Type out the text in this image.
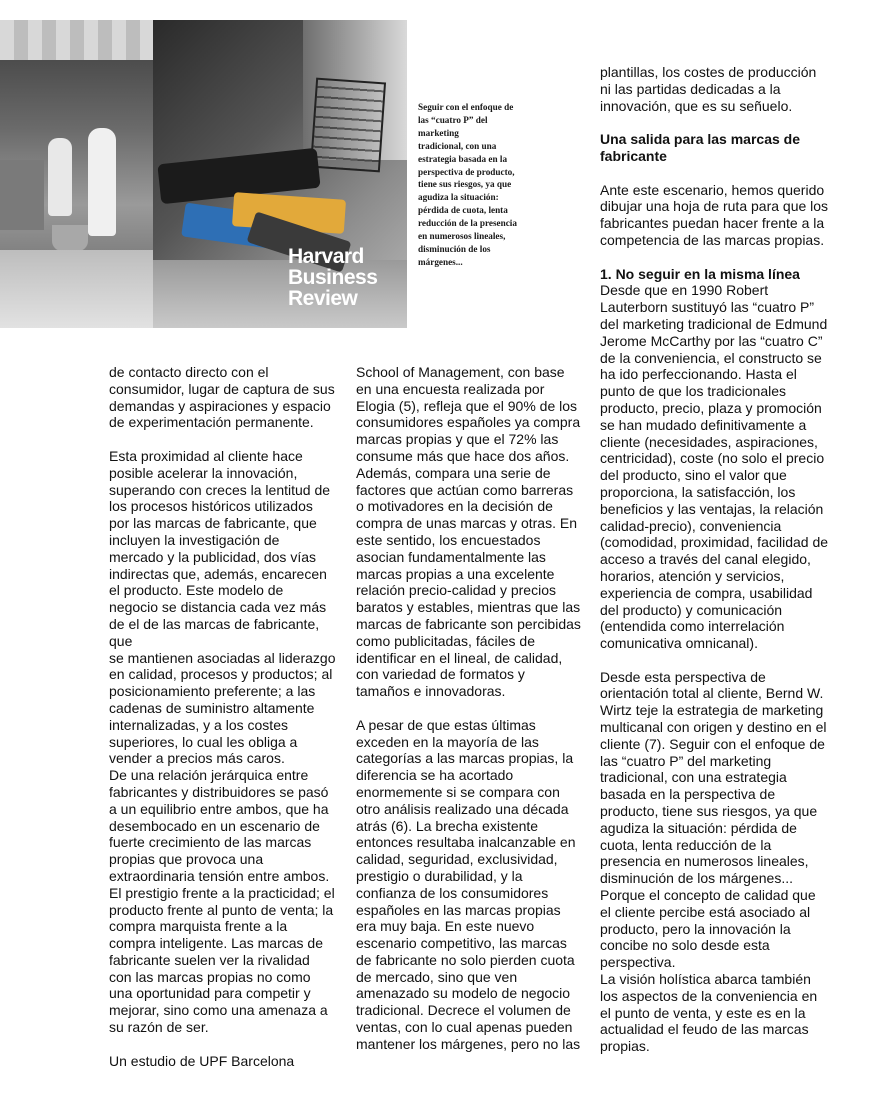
Harvard
Business
Review

Seguir con el enfoque de
las “cuatro P” del marketing
tradicional, con una
estrategia basada en la
perspectiva de producto,
tiene sus riesgos, ya que
agudiza la situación:
pérdida de cuota, lenta
reducción de la presencia
en numerosos lineales,
disminución de los
márgenes...

de contacto directo con el
consumidor, lugar de captura de sus
demandas y aspiraciones y espacio
de experimentación permanente.

Esta proximidad al cliente hace
posible acelerar la innovación,
superando con creces la lentitud de
los procesos históricos utilizados
por las marcas de fabricante, que
incluyen la investigación de
mercado y la publicidad, dos vías
indirectas que, además, encarecen
el producto. Este modelo de
negocio se distancia cada vez más
de el de las marcas de fabricante, que
se mantienen asociadas al liderazgo
en calidad, procesos y productos; al
posicionamiento preferente; a las
cadenas de suministro altamente
internalizadas, y a los costes
superiores, lo cual les obliga a
vender a precios más caros.
De una relación jerárquica entre
fabricantes y distribuidores se pasó
a un equilibrio entre ambos, que ha
desembocado en un escenario de
fuerte crecimiento de las marcas
propias que provoca una
extraordinaria tensión entre ambos.
El prestigio frente a la practicidad; el
producto frente al punto de venta; la
compra marquista frente a la
compra inteligente. Las marcas de
fabricante suelen ver la rivalidad
con las marcas propias no como
una oportunidad para competir y
mejorar, sino como una amenaza a
su razón de ser.

Un estudio de UPF Barcelona

School of Management, con base
en una encuesta realizada por
Elogia (5), refleja que el 90% de los
consumidores españoles ya compra
marcas propias y que el 72% las
consume más que hace dos años.
Además, compara una serie de
factores que actúan como barreras
o motivadores en la decisión de
compra de unas marcas y otras. En
este sentido, los encuestados
asocian fundamentalmente las
marcas propias a una excelente
relación precio-calidad y precios
baratos y estables, mientras que las
marcas de fabricante son percibidas
como publicitadas, fáciles de
identificar en el lineal, de calidad,
con variedad de formatos y
tamaños e innovadoras.

A pesar de que estas últimas
exceden en la mayoría de las
categorías a las marcas propias, la
diferencia se ha acortado
enormemente si se compara con
otro análisis realizado una década
atrás (6). La brecha existente
entonces resultaba inalcanzable en
calidad, seguridad, exclusividad,
prestigio o durabilidad, y la
confianza de los consumidores
españoles en las marcas propias
era muy baja. En este nuevo
escenario competitivo, las marcas
de fabricante no solo pierden cuota
de mercado, sino que ven
amenazado su modelo de negocio
tradicional. Decrece el volumen de
ventas, con lo cual apenas pueden
mantener los márgenes, pero no las

plantillas, los costes de producción
ni las partidas dedicadas a la
innovación, que es su señuelo.

Una salida para las marcas de
fabricante

Ante este escenario, hemos querido
dibujar una hoja de ruta para que los
fabricantes puedan hacer frente a la
competencia de las marcas propias.

1. No seguir en la misma línea

Desde que en 1990 Robert
Lauterborn sustituyó las “cuatro P”
del marketing tradicional de Edmund
Jerome McCarthy por las “cuatro C”
de la conveniencia, el constructo se
ha ido perfeccionando. Hasta el
punto de que los tradicionales
producto, precio, plaza y promoción
se han mudado definitivamente a
cliente (necesidades, aspiraciones,
centricidad), coste (no solo el precio
del producto, sino el valor que
proporciona, la satisfacción, los
beneficios y las ventajas, la relación
calidad-precio), conveniencia
(comodidad, proximidad, facilidad de
acceso a través del canal elegido,
horarios, atención y servicios,
experiencia de compra, usabilidad
del producto) y comunicación
(entendida como interrelación
comunicativa omnicanal).

Desde esta perspectiva de
orientación total al cliente, Bernd W.
Wirtz teje la estrategia de marketing
multicanal con origen y destino en el
cliente (7). Seguir con el enfoque de
las “cuatro P” del marketing
tradicional, con una estrategia
basada en la perspectiva de
producto, tiene sus riesgos, ya que
agudiza la situación: pérdida de
cuota, lenta reducción de la
presencia en numerosos lineales,
disminución de los márgenes...
Porque el concepto de calidad que
el cliente percibe está asociado al
producto, pero la innovación la
concibe no solo desde esta
perspectiva.
La visión holística abarca también
los aspectos de la conveniencia en
el punto de venta, y este es en la
actualidad el feudo de las marcas
propias.
